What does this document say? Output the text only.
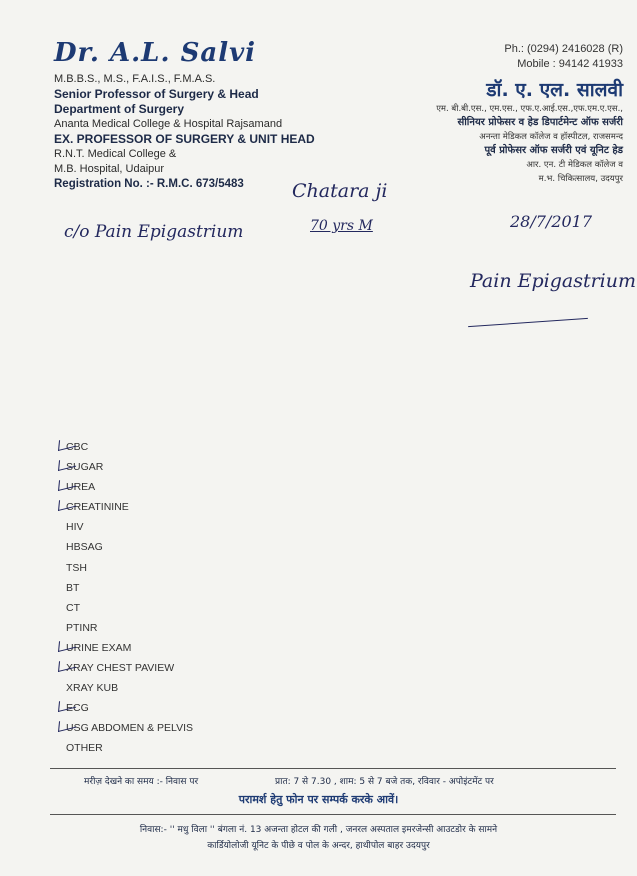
Dr. A.L. Salvi
M.B.B.S., M.S., F.A.I.S., F.M.A.S.
Senior Professor of Surgery & Head
Department of Surgery
Ananta Medical College & Hospital Rajsamand
EX. PROFESSOR OF SURGERY & UNIT HEAD
R.N.T. Medical College &
M.B. Hospital, Udaipur
Registration No. :- R.M.C. 673/5483
Ph.: (0294) 2416028 (R)
Mobile : 94142 41933
डॉ. ए. एल. सालवी
एम. बी.बी.एस., एम.एस., एफ.ए.आई.एस.,एफ.एम.ए.एस.,
सीनियर प्रोफेसर व हेड डिपार्टमेन्ट ऑफ सर्जरी
अनन्ता मेडिकल कॉलेज व हॉस्पीटल, राजसमन्द
पूर्व प्रोफेसर ऑफ सर्जरी एवं यूनिट हेड
आर. एन. टी मेडिकल कॉलेज व
म.भ. चिकित्सालय, उदयपुर
Chatara ji
70 yrs M	28/7/2017
c/o Pain Epigastrium
Pain Epigastrium
CBC
SUGAR
UREA
CREATININE
HIV
HBSAG
TSH
BT
CT
PTINR
URINE EXAM
XRAY CHEST PAVIEW
XRAY KUB
ECG
USG ABDOMEN & PELVIS
OTHER
मरीज़ देखने का समय :- निवास पर	प्रात: 7 से 7.30 , शाम: 5 से 7 बजे तक, रविवार - अपोइंटमेंट पर
परामर्श हेतु फोन पर सम्पर्क करके आवें।
निवास:- '' मधु विला '' बंगला नं. 13 अजन्ता होटल की गली , जनरल अस्पताल इमरजेन्सी आउटडोर के सामने
कार्डियोलोजी यूनिट के पीछे व पोल के अन्दर, हाथीपोल बाहर उदयपुर
